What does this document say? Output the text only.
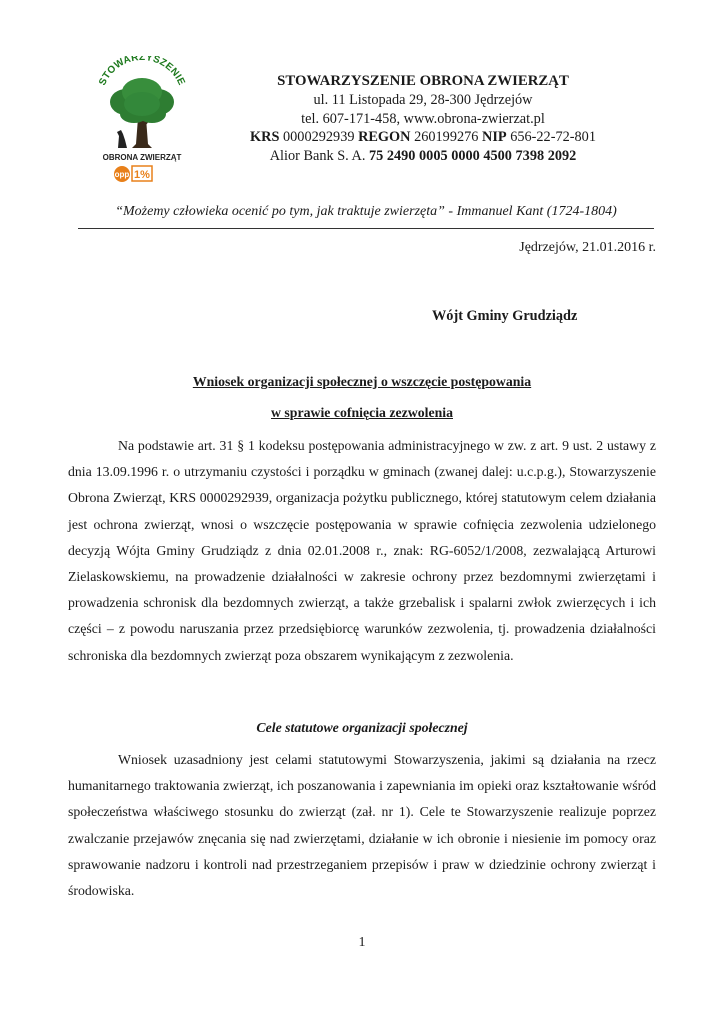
STOWARZYSZENIE
OBRONA ZWIERZĄT
opp 1%
STOWARZYSZENIE OBRONA ZWIERZĄT
ul. 11 Listopada 29, 28-300 Jędrzejów
tel. 607-171-458, www.obrona-zwierzat.pl
KRS 0000292939 REGON 260199276 NIP 656-22-72-801
Alior Bank S. A. 75 2490 0005 0000 4500 7398 2092
“Możemy człowieka ocenić po tym, jak traktuje zwierzęta” - Immanuel Kant (1724-1804)
Jędrzejów, 21.01.2016 r.
Wójt Gminy Grudziądz
Wniosek organizacji społecznej o wszczęcie postępowania
w sprawie cofnięcia zezwolenia

Na podstawie art. 31 § 1 kodeksu postępowania administracyjnego w zw. z art. 9 ust. 2 ustawy z dnia 13.09.1996 r. o utrzymaniu czystości i porządku w gminach (zwanej dalej: u.c.p.g.), Stowarzyszenie Obrona Zwierząt, KRS 0000292939, organizacja pożytku publicznego, której statutowym celem działania jest ochrona zwierząt, wnosi o wszczęcie postępowania w sprawie cofnięcia zezwolenia udzielonego decyzją Wójta Gminy Grudziądz z dnia 02.01.2008 r., znak: RG-6052/1/2008, zezwalającą Arturowi Zielaskowskiemu, na prowadzenie działalności w zakresie ochrony przez bezdomnymi zwierzętami i prowadzenia schronisk dla bezdomnych zwierząt, a także grzebalisk i spalarni zwłok zwierzęcych i ich części – z powodu naruszania przez przedsiębiorcę warunków zezwolenia, tj. prowadzenia działalności schroniska dla bezdomnych zwierząt poza obszarem wynikającym z zezwolenia.

Cele statutowe organizacji społecznej

Wniosek uzasadniony jest celami statutowymi Stowarzyszenia, jakimi są działania na rzecz humanitarnego traktowania zwierząt, ich poszanowania i zapewniania im opieki oraz kształtowanie wśród społeczeństwa właściwego stosunku do zwierząt (zał. nr 1). Cele te Stowarzyszenie realizuje poprzez zwalczanie przejawów znęcania się nad zwierzętami, działanie w ich obronie i niesienie im pomocy oraz sprawowanie nadzoru i kontroli nad przestrzeganiem przepisów i praw w dziedzinie ochrony zwierząt i środowiska.

1
